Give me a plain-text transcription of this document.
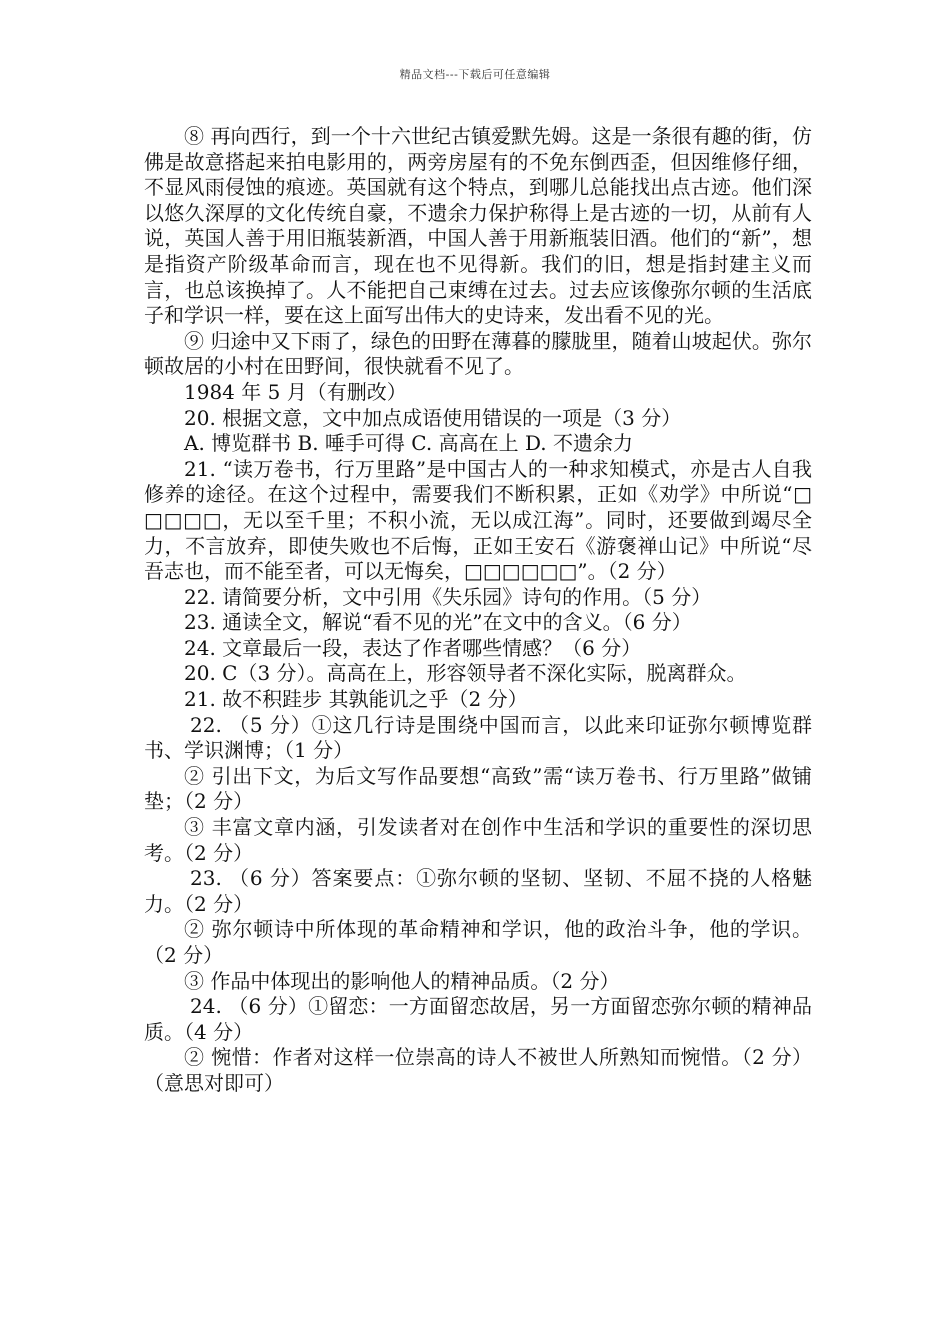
精品文档---下载后可任意编辑

⑧ 再向西行，到一个十六世纪古镇爱默先姆。这是一条很有趣的街，仿佛是故意搭起来拍电影用的，两旁房屋有的不免东倒西歪，但因维修仔细，不显风雨侵蚀的痕迹。英国就有这个特点，到哪儿总能找出点古迹。他们深以悠久深厚的文化传统自豪，不遗余力保护称得上是古迹的一切，从前有人说，英国人善于用旧瓶装新酒，中国人善于用新瓶装旧酒。他们的“新”，想是指资产阶级革命而言，现在也不见得新。我们的旧，想是指封建主义而言，也总该换掉了。人不能把自己束缚在过去。过去应该像弥尔顿的生活底子和学识一样，要在这上面写出伟大的史诗来，发出看不见的光。

⑨ 归途中又下雨了，绿色的田野在薄暮的朦胧里，随着山坡起伏。弥尔顿故居的小村在田野间，很快就看不见了。

1984 年 5 月（有删改）

20. 根据文意，文中加点成语使用错误的一项是（3 分）

A. 博览群书 B. 唾手可得 C. 高高在上 D. 不遗余力

21. “读万卷书，行万里路”是中国古人的一种求知模式，亦是古人自我修养的途径。在这个过程中，需要我们不断积累，正如《劝学》中所说“□□□□□，无以至千里；不积小流，无以成江海”。同时，还要做到竭尽全力，不言放弃，即使失败也不后悔，正如王安石《游褒禅山记》中所说“尽吾志也，而不能至者，可以无悔矣，□□□□□□”。（2 分）

22. 请简要分析，文中引用《失乐园》诗句的作用。（5 分）

23. 通读全文，解说“看不见的光”在文中的含义。（6 分）

24. 文章最后一段，表达了作者哪些情感？（6 分）

20. C（3 分）。高高在上，形容领导者不深化实际，脱离群众。

21. 故不积跬步 其孰能讥之乎（2 分）

22. （5 分）①这几行诗是围绕中国而言，以此来印证弥尔顿博览群书、学识渊博；（1 分）

② 引出下文，为后文写作品要想“高致”需“读万卷书、行万里路”做铺垫；（2 分）

③ 丰富文章内涵，引发读者对在创作中生活和学识的重要性的深切思考。（2 分）

23. （6 分）答案要点：①弥尔顿的坚韧、坚韧、不屈不挠的人格魅力。（2 分）

② 弥尔顿诗中所体现的革命精神和学识，他的政治斗争，他的学识。（2 分）

③ 作品中体现出的影响他人的精神品质。（2 分）

24. （6 分）①留恋：一方面留恋故居，另一方面留恋弥尔顿的精神品质。（4 分）

② 惋惜：作者对这样一位崇高的诗人不被世人所熟知而惋惜。（2 分）（意思对即可）
